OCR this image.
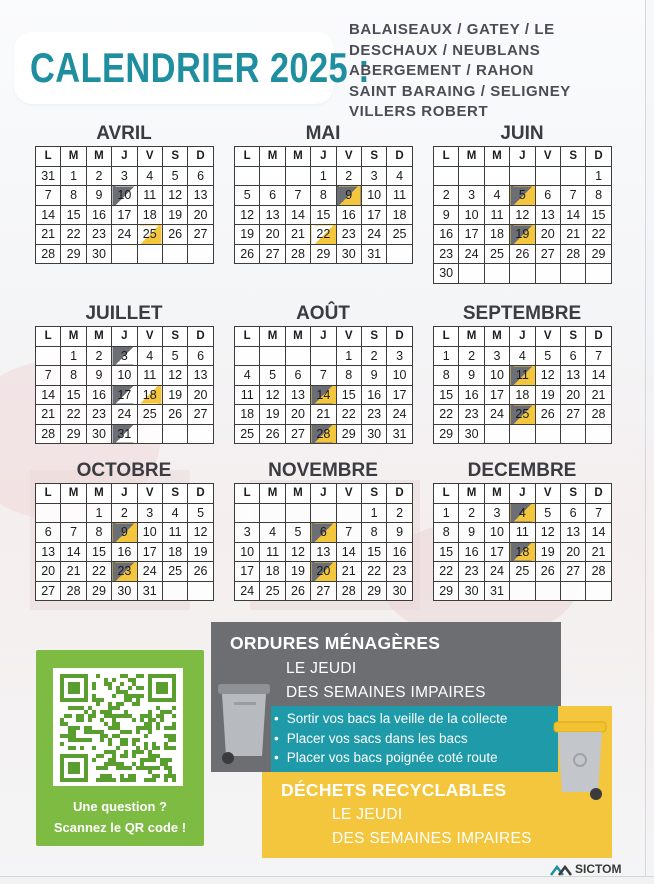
CALENDRIER 2025 :
BALAISEAUX / GATEY / LE
DESCHAUX / NEUBLANS
ABERGEMENT / RAHON
SAINT BARAING / SELIGNEY
VILLERS ROBERT
AVRIL
L	M	M	J	V	S	D
31	1	2	3	4	5	6
7	8	9	10	11	12	13
14	15	16	17	18	19	20
21	22	23	24	25	26	27
28	29	30				
MAI
L	M	M	J	V	S	D
			1	2	3	4
5	6	7	8	9	10	11
12	13	14	15	16	17	18
19	20	21	22	23	24	25
26	27	28	29	30	31	
JUIN
L	M	M	J	V	S	D
						1
2	3	4	5	6	7	8
9	10	11	12	13	14	15
16	17	18	19	20	21	22
23	24	25	26	27	28	29
30						
JUILLET
L	M	M	J	V	S	D
	1	2	3	4	5	6
7	8	9	10	11	12	13
14	15	16	17	18	19	20
21	22	23	24	25	26	27
28	29	30	31			
AOÛT
L	M	M	J	V	S	D
				1	2	3
4	5	6	7	8	9	10
11	12	13	14	15	16	17
18	19	20	21	22	23	24
25	26	27	28	29	30	31
SEPTEMBRE
L	M	M	J	V	S	D
1	2	3	4	5	6	7
8	9	10	11	12	13	14
15	16	17	18	19	20	21
22	23	24	25	26	27	28
29	30					
OCTOBRE
L	M	M	J	V	S	D
		1	2	3	4	5
6	7	8	9	10	11	12
13	14	15	16	17	18	19
20	21	22	23	24	25	26
27	28	29	30	31		
NOVEMBRE
L	M	M	J	V	S	D
					1	2
3	4	5	6	7	8	9
10	11	12	13	14	15	16
17	18	19	20	21	22	23
24	25	26	27	28	29	30
DECEMBRE
L	M	M	J	V	S	D
1	2	3	4	5	6	7
8	9	10	11	12	13	14
15	16	17	18	19	20	21
22	23	24	25	26	27	28
29	30	31				
Une question ?
Scannez le QR code !
ORDURES MÉNAGÈRES
LE JEUDI
DES SEMAINES IMPAIRES
• Sortir vos bacs la veille de la collecte
• Placer vos sacs dans les bacs
• Placer vos bacs poignée coté route
DÉCHETS RECYCLABLES
LE JEUDI
DES SEMAINES IMPAIRES
SICTOM
